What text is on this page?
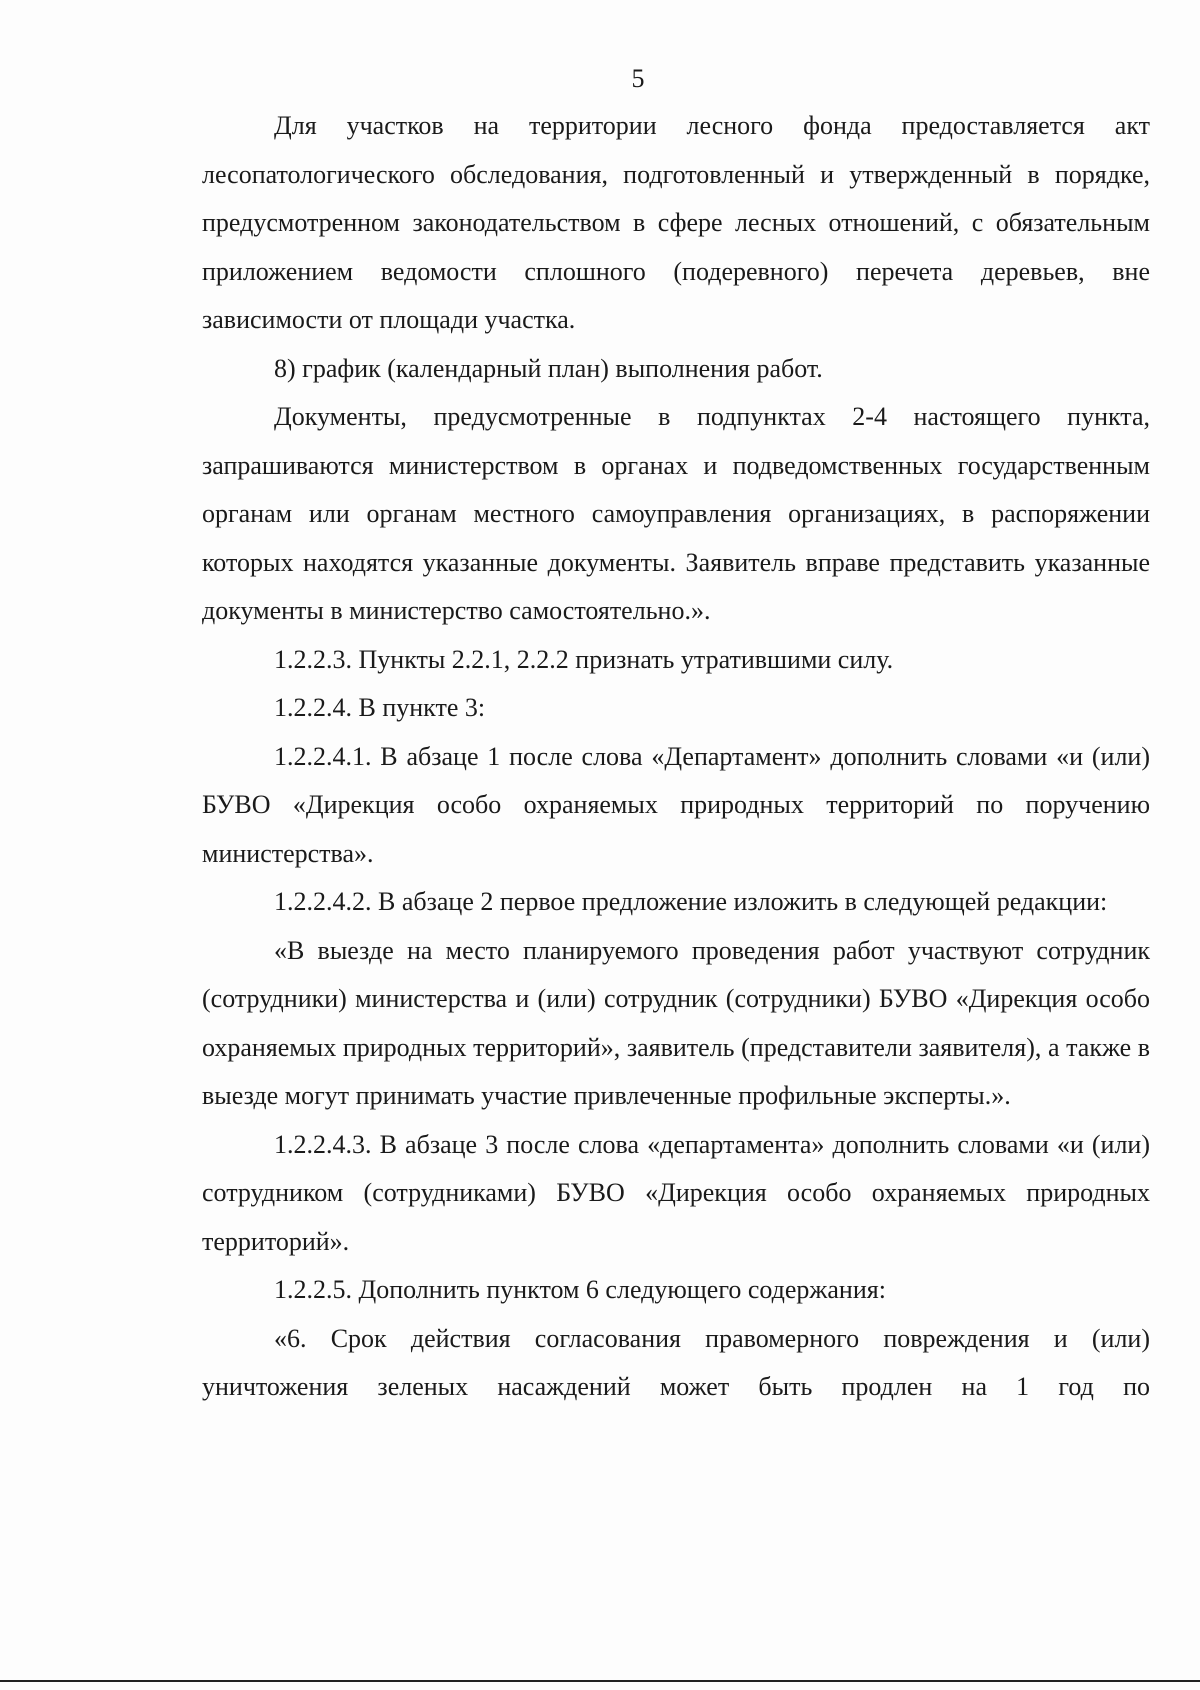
5

Для участков на территории лесного фонда предоставляется акт лесопатологического обследования, подготовленный и утвержденный в порядке, предусмотренном законодательством в сфере лесных отношений, с обязательным приложением ведомости сплошного (подеревного) перечета деревьев, вне зависимости от площади участка.

8) график (календарный план) выполнения работ.

Документы, предусмотренные в подпунктах 2-4 настоящего пункта, запрашиваются министерством в органах и подведомственных государственным органам или органам местного самоуправления организациях, в распоряжении которых находятся указанные документы. Заявитель вправе представить указанные документы в министерство самостоятельно.».

1.2.2.3. Пункты 2.2.1, 2.2.2 признать утратившими силу.

1.2.2.4. В пункте 3:

1.2.2.4.1. В абзаце 1 после слова «Департамент» дополнить словами «и (или) БУВО «Дирекция особо охраняемых природных территорий по поручению министерства».

1.2.2.4.2. В абзаце 2 первое предложение изложить в следующей редакции:

«В выезде на место планируемого проведения работ участвуют сотрудник (сотрудники) министерства и (или) сотрудник (сотрудники) БУВО «Дирекция особо охраняемых природных территорий», заявитель (представители заявителя), а также в выезде могут принимать участие привлеченные профильные эксперты.».

1.2.2.4.3. В абзаце 3 после слова «департамента» дополнить словами «и (или) сотрудником (сотрудниками) БУВО «Дирекция особо охраняемых природных территорий».

1.2.2.5. Дополнить пунктом 6 следующего содержания:

«6. Срок действия согласования правомерного повреждения и (или) уничтожения зеленых насаждений может быть продлен на 1 год по
